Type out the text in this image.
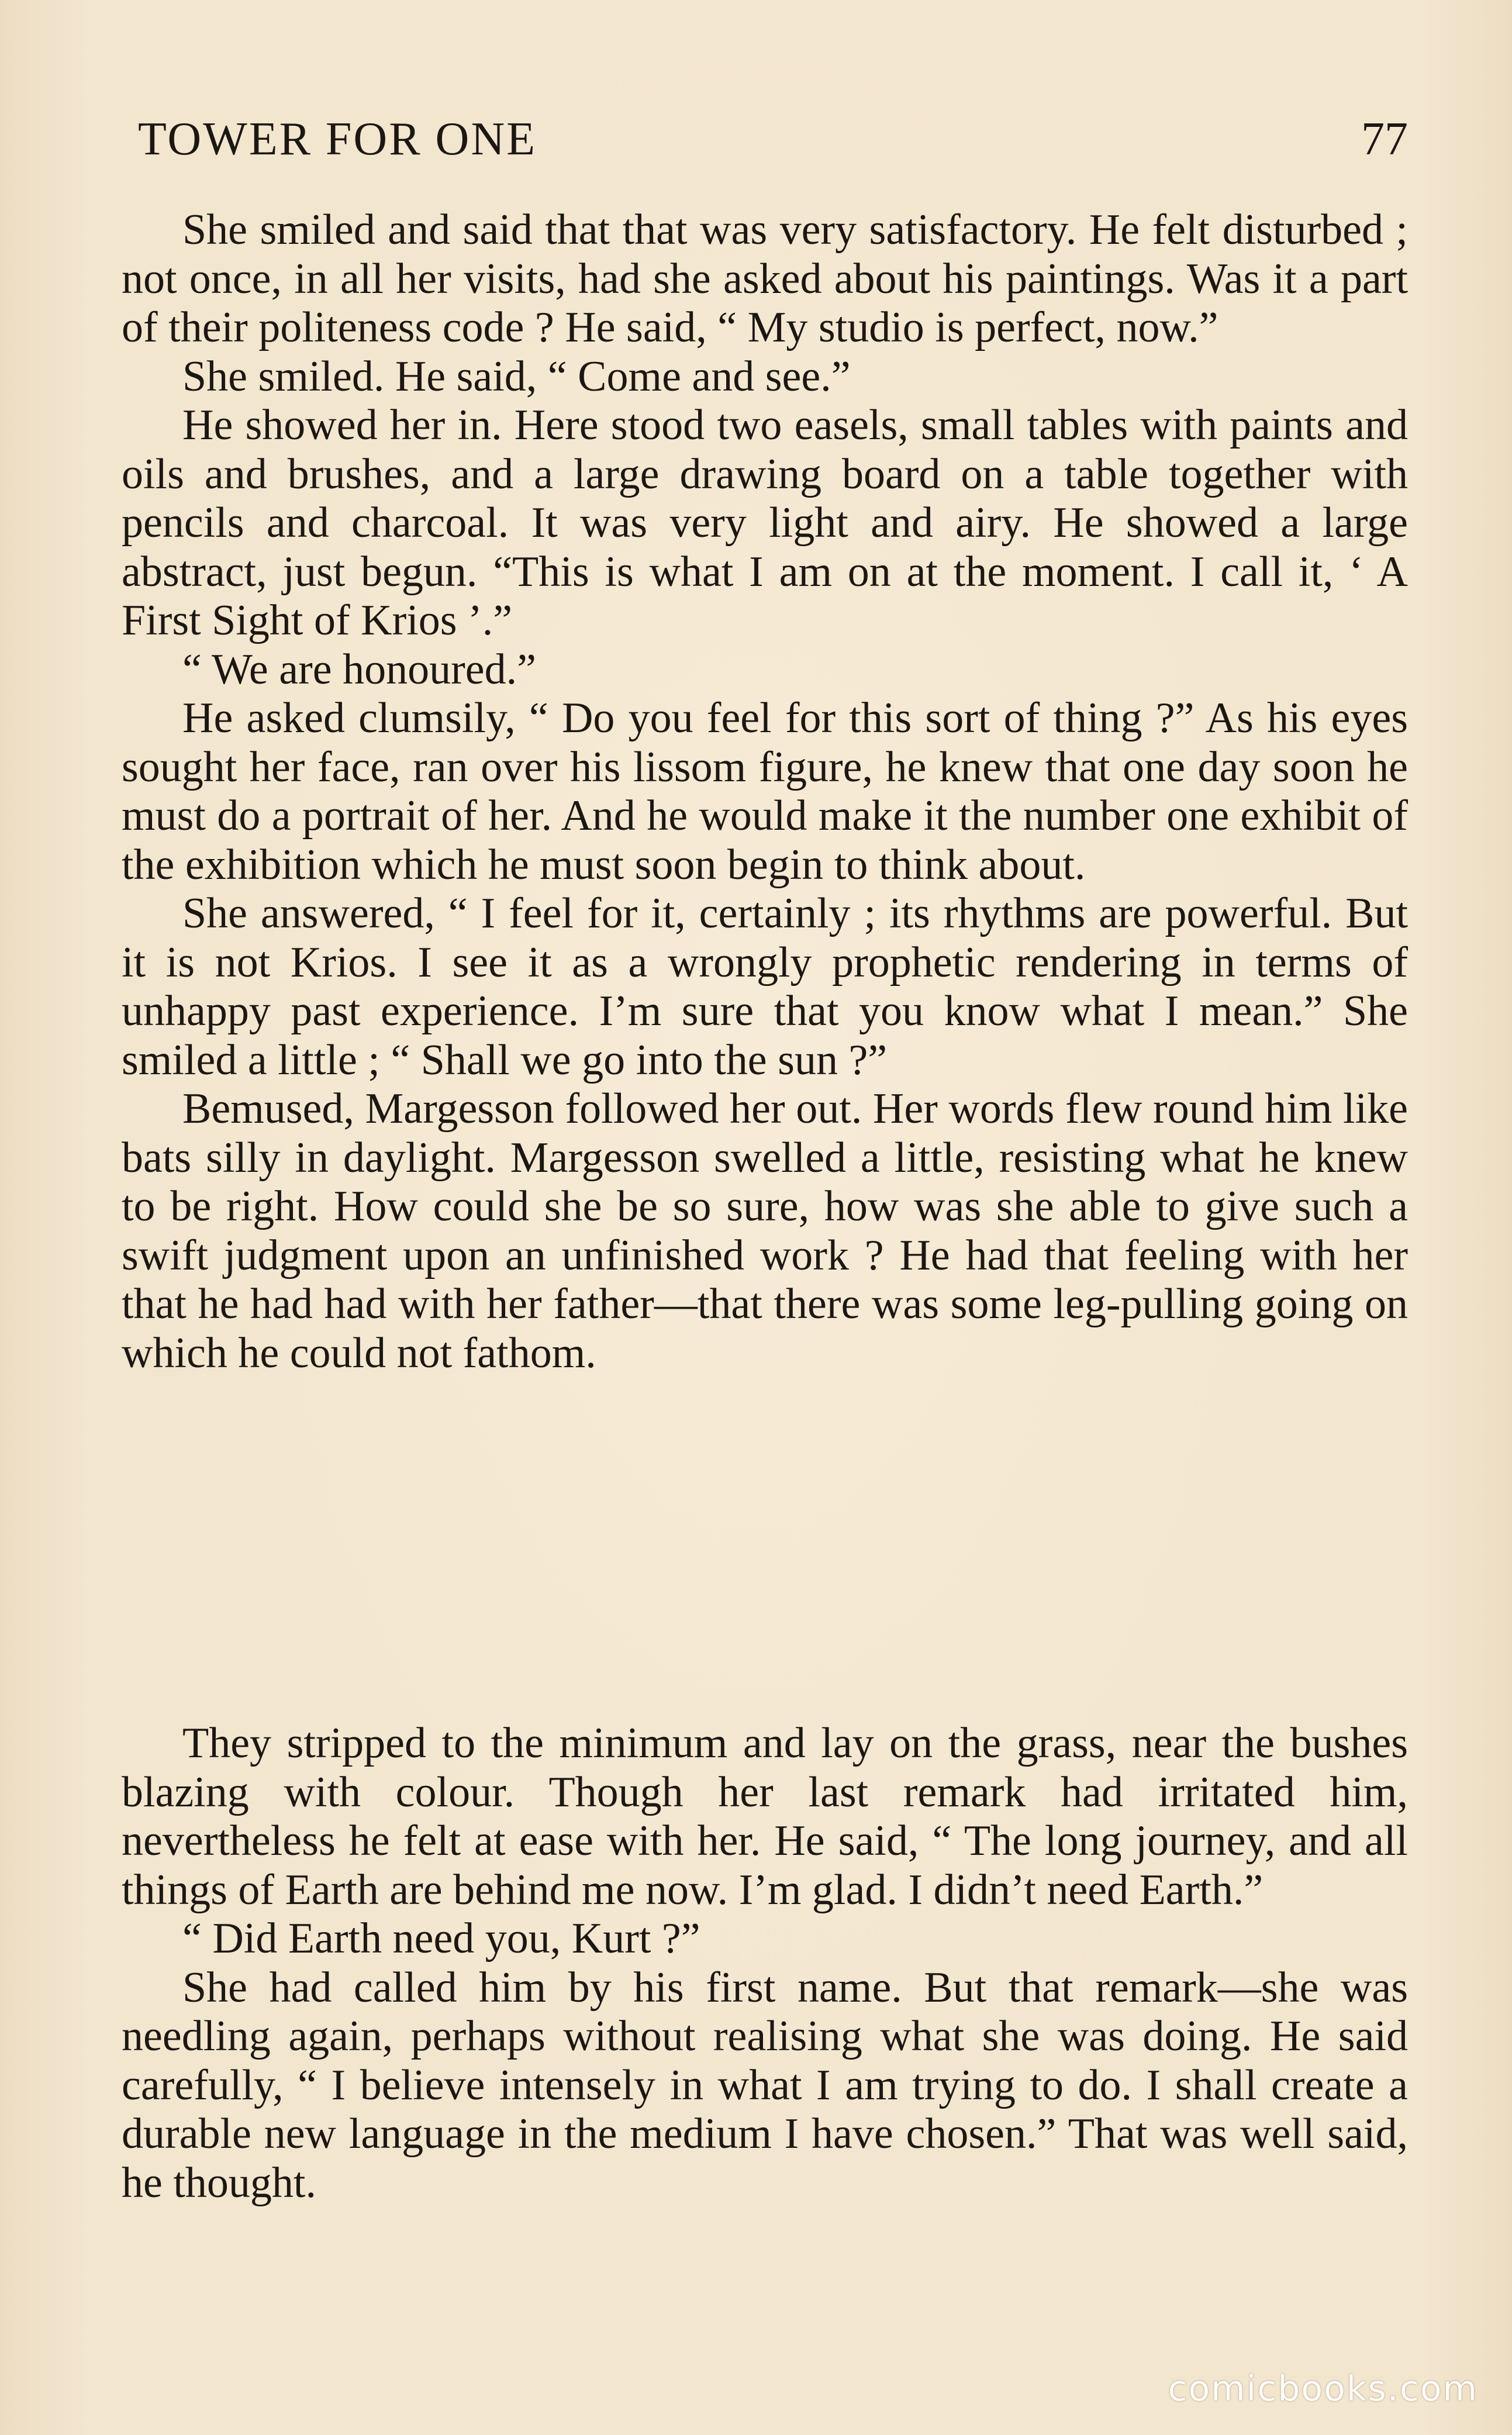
TOWER FOR ONE	77

She smiled and said that that was very satisfactory. He felt disturbed ; not once, in all her visits, had she asked about his paintings. Was it a part of their politeness code ? He said, “ My studio is perfect, now.”

She smiled. He said, “ Come and see.”

He showed her in. Here stood two easels, small tables with paints and oils and brushes, and a large drawing board on a table together with pencils and charcoal. It was very light and airy. He showed a large abstract, just begun. “This is what I am on at the moment. I call it, ‘ A First Sight of Krios ’.”

“ We are honoured.”

He asked clumsily, “ Do you feel for this sort of thing ?” As his eyes sought her face, ran over his lissom figure, he knew that one day soon he must do a portrait of her. And he would make it the number one exhibit of the exhibition which he must soon begin to think about.

She answered, “ I feel for it, certainly ; its rhythms are powerful. But it is not Krios. I see it as a wrongly prophetic rendering in terms of unhappy past experience. I’m sure that you know what I mean.” She smiled a little ; “ Shall we go into the sun ?”

Bemused, Margesson followed her out. Her words flew round him like bats silly in daylight. Margesson swelled a little, resisting what he knew to be right. How could she be so sure, how was she able to give such a swift judgment upon an unfinished work ? He had that feeling with her that he had had with her father—that there was some leg-pulling going on which he could not fathom.

They stripped to the minimum and lay on the grass, near the bushes blazing with colour. Though her last remark had irritated him, nevertheless he felt at ease with her. He said, “ The long journey, and all things of Earth are behind me now. I’m glad. I didn’t need Earth.”

“ Did Earth need you, Kurt ?”

She had called him by his first name. But that remark—she was needling again, perhaps without realising what she was doing. He said carefully, “ I believe intensely in what I am trying to do. I shall create a durable new language in the medium I have chosen.” That was well said, he thought.

comicbooks.com
